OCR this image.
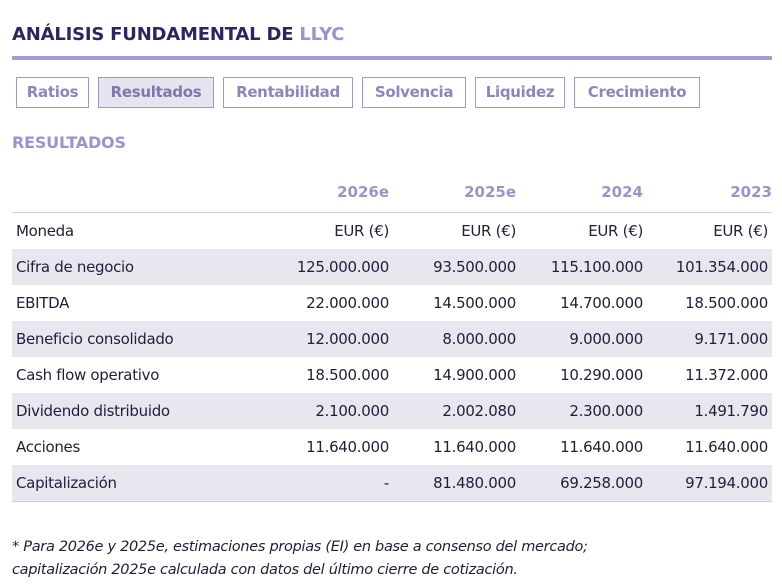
ANÁLISIS FUNDAMENTAL DE LLYC
Ratios	Resultados	Rentabilidad	Solvencia	Liquidez	Crecimiento
RESULTADOS
	2026e	2025e	2024	2023
Moneda	EUR (€)	EUR (€)	EUR (€)	EUR (€)
Cifra de negocio	125.000.000	93.500.000	115.100.000	101.354.000
EBITDA	22.000.000	14.500.000	14.700.000	18.500.000
Beneficio consolidado	12.000.000	8.000.000	9.000.000	9.171.000
Cash flow operativo	18.500.000	14.900.000	10.290.000	11.372.000
Dividendo distribuido	2.100.000	2.002.080	2.300.000	1.491.790
Acciones	11.640.000	11.640.000	11.640.000	11.640.000
Capitalización	-	81.480.000	69.258.000	97.194.000
* Para 2026e y 2025e, estimaciones propias (EI) en base a consenso del mercado;
capitalización 2025e calculada con datos del último cierre de cotización.
